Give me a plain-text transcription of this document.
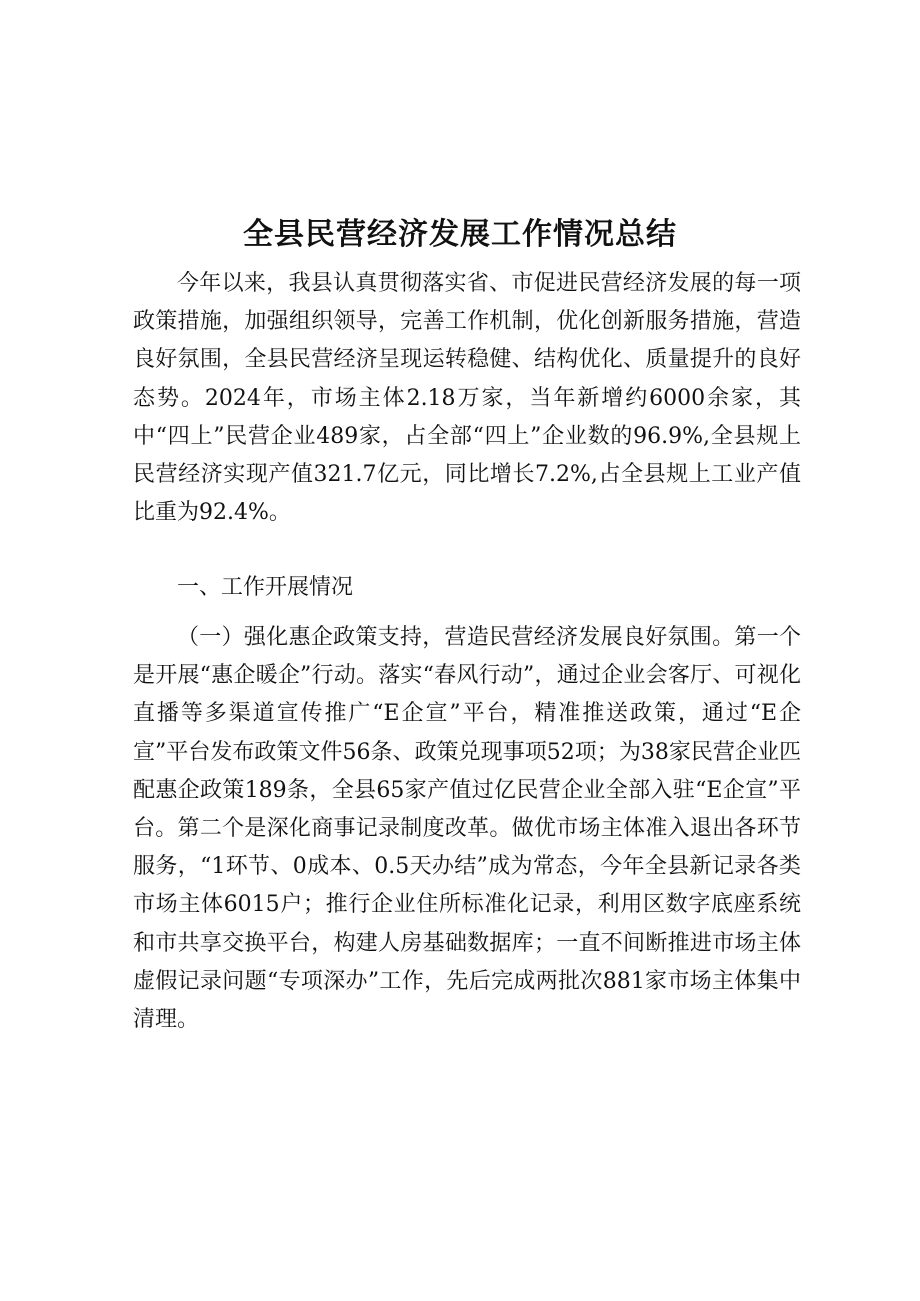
全县民营经济发展工作情况总结

今年以来，我县认真贯彻落实省、市促进民营经济发展的每一项政策措施，加强组织领导，完善工作机制，优化创新服务措施，营造良好氛围，全县民营经济呈现运转稳健、结构优化、质量提升的良好态势。2024年，市场主体2.18万家，当年新增约6000余家，其中“四上”民营企业489家，占全部“四上”企业数的96.9%,全县规上民营经济实现产值321.7亿元，同比增长7.2%,占全县规上工业产值比重为92.4%。

一、工作开展情况

（一）强化惠企政策支持，营造民营经济发展良好氛围。第一个是开展“惠企暖企”行动。落实“春风行动”，通过企业会客厅、可视化直播等多渠道宣传推广“E企宣”平台，精准推送政策，通过“E企宣”平台发布政策文件56条、政策兑现事项52项；为38家民营企业匹配惠企政策189条，全县65家产值过亿民营企业全部入驻“E企宣”平台。第二个是深化商事记录制度改革。做优市场主体准入退出各环节服务，“1环节、0成本、0.5天办结”成为常态，今年全县新记录各类市场主体6015户；推行企业住所标准化记录，利用区数字底座系统和市共享交换平台，构建人房基础数据库；一直不间断推进市场主体虚假记录问题“专项深办”工作，先后完成两批次881家市场主体集中清理。
